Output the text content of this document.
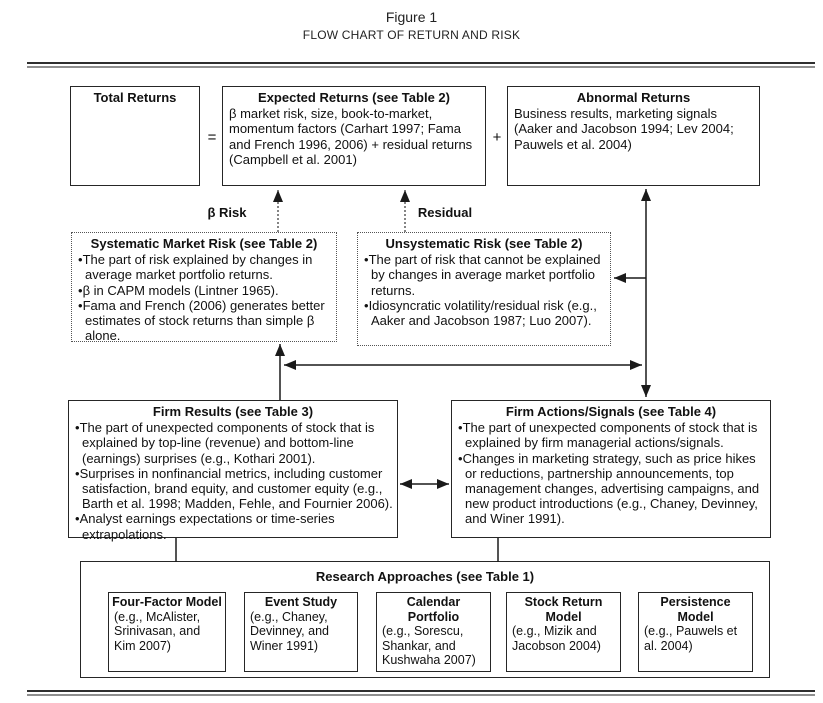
Figure 1
FLOW CHART OF RETURN AND RISK
Total Returns
=
Expected Returns (see Table 2)
β market risk, size, book-to-market, momentum factors (Carhart 1997; Fama and French 1996, 2006) + residual returns (Campbell et al. 2001)
+
Abnormal Returns
Business results, marketing signals (Aaker and Jacobson 1994; Lev 2004; Pauwels et al. 2004)
β Risk	Residual
Systematic Market Risk (see Table 2)

• The part of risk explained by changes in average market portfolio returns.

• β in CAPM models (Lintner 1965).

• Fama and French (2006) generates better estimates of stock returns than simple β alone.

Unsystematic Risk (see Table 2)

• The part of risk that cannot be explained by changes in average market portfolio returns.

• Idiosyncratic volatility/residual risk (e.g., Aaker and Jacobson 1987; Luo 2007).

Firm Results (see Table 3)

• The part of unexpected components of stock that is explained by top-line (revenue) and bottom-line (earnings) surprises (e.g., Kothari 2001).

• Surprises in nonfinancial metrics, including customer satisfaction, brand equity, and customer equity (e.g., Barth et al. 1998; Madden, Fehle, and Fournier 2006).

• Analyst earnings expectations or time-series extrapolations.

Firm Actions/Signals (see Table 4)

• The part of unexpected components of stock that is explained by firm managerial actions/signals.

• Changes in marketing strategy, such as price hikes or reductions, partnership announcements, top management changes, advertising campaigns, and new product introductions (e.g., Chaney, Devinney, and Winer 1991).

Research Approaches (see Table 1)
Four-Factor Model
(e.g., McAlister, Srinivasan, and Kim 2007)
Event Study
(e.g., Chaney, Devinney, and Winer 1991)
Calendar Portfolio
(e.g., Sorescu, Shankar, and Kushwaha 2007)
Stock Return Model
(e.g., Mizik and Jacobson 2004)
Persistence Model
(e.g., Pauwels et al. 2004)
